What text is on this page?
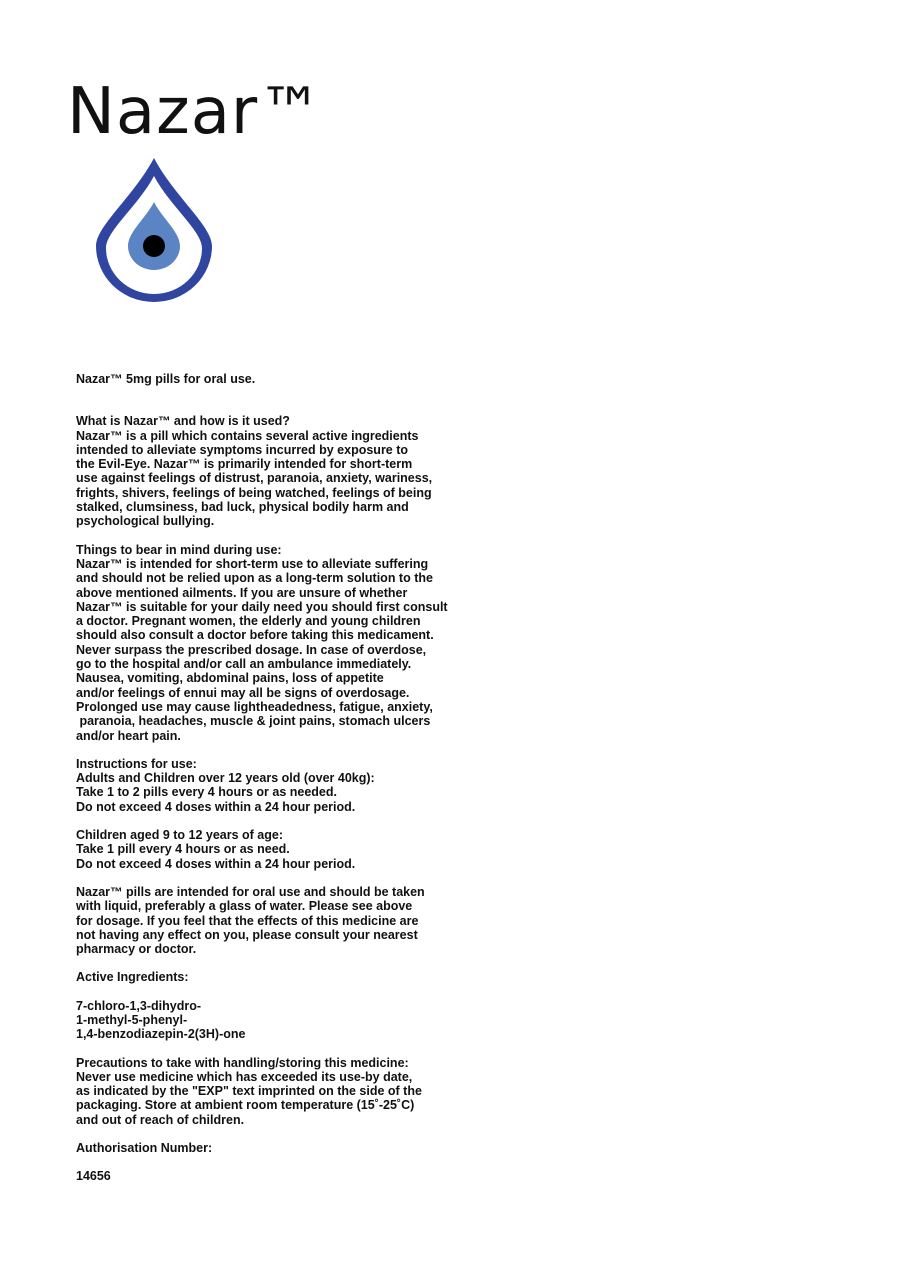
Nazar™

Nazar™ 5mg pills for oral use.

What is Nazar™ and how is it used?
Nazar™ is a pill which contains several active ingredients
intended to alleviate symptoms incurred by exposure to
the Evil-Eye. Nazar™ is primarily intended for short-term
use against feelings of distrust, paranoia, anxiety, wariness,
frights, shivers, feelings of being watched, feelings of being
stalked, clumsiness, bad luck, physical bodily harm and
psychological bullying.
Things to bear in mind during use:
Nazar™ is intended for short-term use to alleviate suffering
and should not be relied upon as a long-term solution to the
above mentioned ailments. If you are unsure of whether
Nazar™ is suitable for your daily need you should first consult
a doctor. Pregnant women, the elderly and young children
should also consult a doctor before taking this medicament.
Never surpass the prescribed dosage. In case of overdose,
go to the hospital and/or call an ambulance immediately.
Nausea, vomiting, abdominal pains, loss of appetite
and/or feelings of ennui may all be signs of overdosage.
Prolonged use may cause lightheadedness, fatigue, anxiety,
paranoia, headaches, muscle & joint pains, stomach ulcers
and/or heart pain.
Instructions for use:
Adults and Children over 12 years old (over 40kg):
Take 1 to 2 pills every 4 hours or as needed.
Do not exceed 4 doses within a 24 hour period.
Children aged 9 to 12 years of age:
Take 1 pill every 4 hours or as need.
Do not exceed 4 doses within a 24 hour period.
Nazar™ pills are intended for oral use and should be taken
with liquid, preferably a glass of water. Please see above
for dosage. If you feel that the effects of this medicine are
not having any effect on you, please consult your nearest
pharmacy or doctor.
Active Ingredients:
7-chloro-1,3-dihydro-
1-methyl-5-phenyl-
1,4-benzodiazepin-2(3H)-one
Precautions to take with handling/storing this medicine:
Never use medicine which has exceeded its use-by date,
as indicated by the "EXP" text imprinted on the side of the
packaging. Store at ambient room temperature (15˚-25˚C)
and out of reach of children.
Authorisation Number:
14656
